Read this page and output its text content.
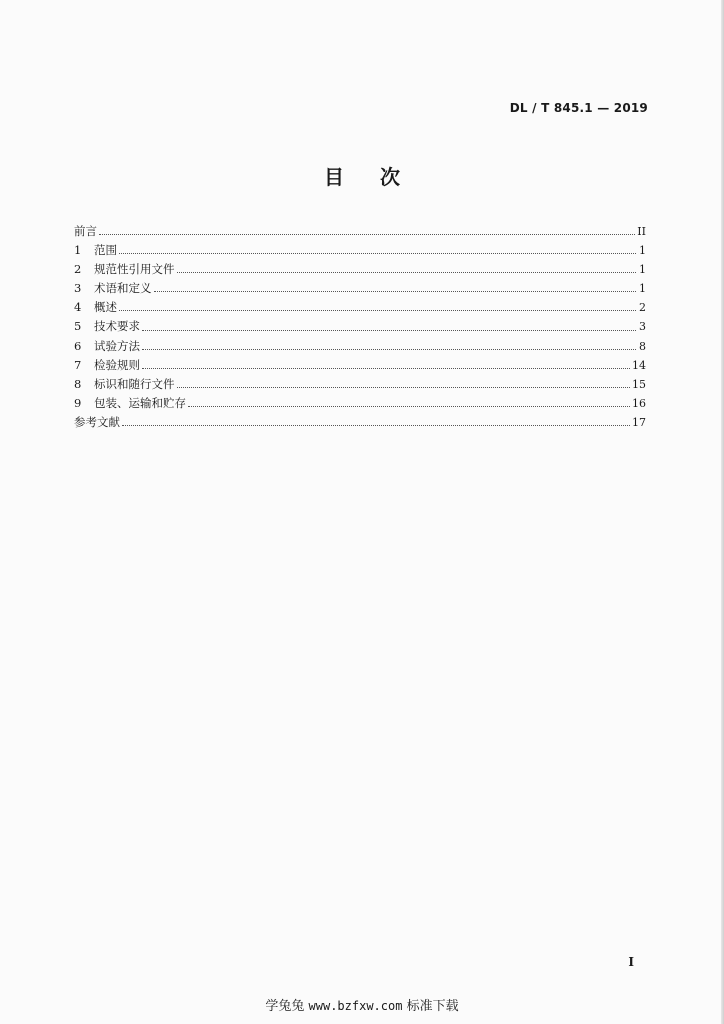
DL / T 845.1 — 2019
目次
前言	II
1	范围	1
2	规范性引用文件	1
3	术语和定义	1
4	概述	2
5	技术要求	3
6	试验方法	8
7	检验规则	14
8	标识和随行文件	15
9	包装、运输和贮存	16
参考文献	17
I
学兔兔 www.bzfxw.com 标准下载
